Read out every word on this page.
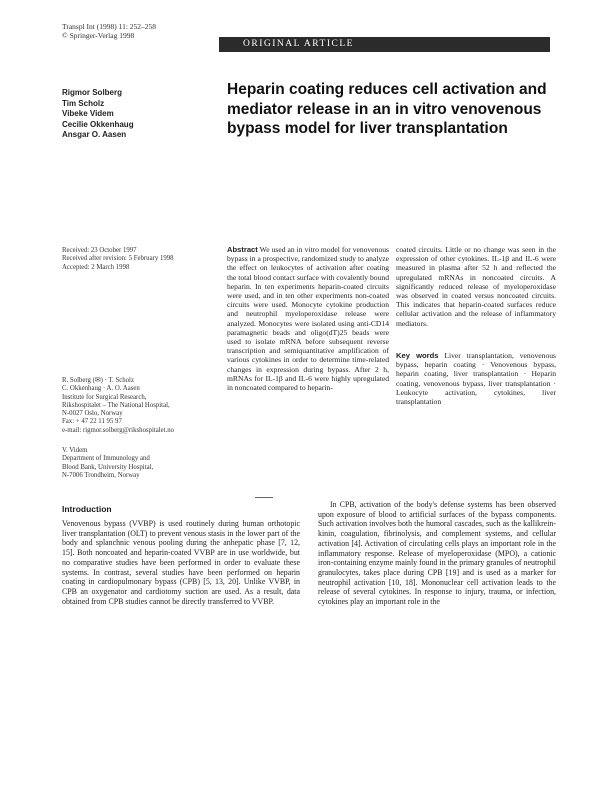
Transpl Int (1998) 11: 252–258
© Springer-Verlag 1998
ORIGINAL ARTICLE
Rigmor Solberg
Tim Scholz
Vibeke Videm
Cecilie Okkenhaug
Ansgar O. Aasen
Heparin coating reduces cell activation and mediator release in an in vitro venovenous bypass model for liver transplantation
Received: 23 October 1997
Received after revision: 5 February 1998
Accepted: 2 March 1998
R. Solberg (✉) · T. Scholz
C. Okkenhaug · A. O. Aasen
Institute for Surgical Research,
Rikshospitalet – The National Hospital,
N-0027 Oslo, Norway
Fax: + 47 22 11 95 97
e-mail: rigmor.solberg@rikshospitalet.no
V. Videm
Department of Immunology and
Blood Bank, University Hospital,
N-7006 Trondheim, Norway
Abstract We used an in vitro model for venovenous bypass in a prospective, randomized study to analyze the effect on leukocytes of activation after coating the total blood contact surface with covalently bound heparin. In ten experiments heparin-coated circuits were used, and in ten other experiments non-coated circuits were used. Monocyte cytokine production and neutrophil myeloperoxidase release were analyzed. Monocytes were isolated using anti-CD14 paramagnetic beads and oligo(dT)25 beads were used to isolate mRNA before subsequent reverse transcription and semiquantitative amplification of various cytokines in order to determine time-related changes in expression during bypass. After 2 h, mRNAs for IL-1β and IL-6 were highly upregulated in noncoated compared to heparin-
coated circuits. Little or no change was seen in the expression of other cytokines. IL-1β and IL-6 were measured in plasma after 52 h and reflected the upregulated mRNAs in noncoated circuits. A significantly reduced release of myeloperoxidase was observed in coated versus noncoated circuits. This indicates that heparin-coated surfaces reduce cellular activation and the release of inflammatory mediators.
Key words Liver transplantation, venovenous bypass, heparin coating · Venovenous bypass, heparin coating, liver transplantation · Heparin coating, venovenous bypass, liver transplantation · Leukocyte activation, cytokines, liver transplantation
Introduction

Venovenous bypass (VVBP) is used routinely during human orthotopic liver transplantation (OLT) to prevent venous stasis in the lower part of the body and splanchnic venous pooling during the anhepatic phase [7, 12, 15]. Both noncoated and heparin-coated VVBP are in use worldwide, but no comparative studies have been performed in order to evaluate these systems. In contrast, several studies have been performed on heparin coating in cardiopulmonary bypass (CPB) [5, 13, 20]. Unlike VVBP, in CPB an oxygenator and cardiotomy suction are used. As a result, data obtained from CPB studies cannot be directly transferred to VVBP.

In CPB, activation of the body's defense systems has been observed upon exposure of blood to artificial surfaces of the bypass components. Such activation involves both the humoral cascades, such as the kallikrein-kinin, coagulation, fibrinolysis, and complement systems, and cellular activation [4]. Activation of circulating cells plays an important role in the inflammatory response. Release of myeloperoxidase (MPO), a cationic iron-containing enzyme mainly found in the primary granules of neutrophil granulocytes, takes place during CPB [19] and is used as a marker for neutrophil activation [10, 18]. Mononuclear cell activation leads to the release of several cytokines. In response to injury, trauma, or infection, cytokines play an important role in the
